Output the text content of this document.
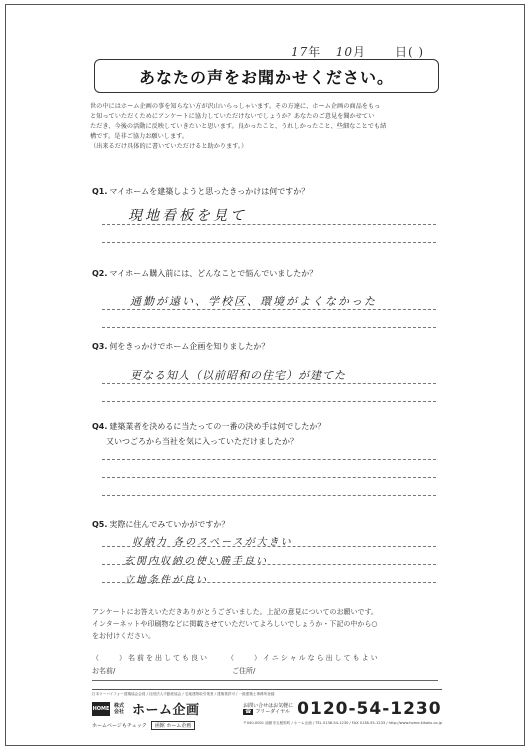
17年 10月 日( )
あなたの声をお聞かせください。

世の中にはホーム企画の事を知らない方が沢山いらっしゃいます。その方達に、ホーム企画の商品をもっ

と知っていただくためにアンケートに協力していただけないでしょうか？あなたのご意見を聞かせてい

ただき、今後の活動に反映していきたいと思います。良かったこと、うれしかったこと、些細なことでも結

構です。是非ご協力お願いします。

（出来るだけ具体的に書いていただけると助かります。）

Q1. マイホームを建築しようと思ったきっかけは何ですか？
現地看板を見て
Q2. マイホーム購入前には、どんなことで悩んでいましたか？
通勤が遠い、学校区、環境がよくなかった
Q3. 何をきっかけでホーム企画を知りましたか？
更なる知人（以前昭和の住宅）が建てた
Q4. 建築業者を決めるに当たっての一番の決め手は何でしたか？
又いつごろから当社を気に入っていただけましたか？
Q5. 実際に住んでみていかがですか？
収納力 各のスペースが大きい
玄関内収納の使い勝手良い
立地条件が良い

アンケートにお答えいただきありがとうございました。上記の意見についてのお願いです。

インターネットや印刷物などに掲載させていただいてよろしいでしょうか・下記の中から○

をお付けください。

（　　）名前を出しても良い	（　　）イニシャルなら出してもよい
お名前/	ご住所/
日本ツーバイフォー建築協会会員 / 社団法人不動産協会 / 宅地建物取引業者 / 建築業許可 / 一級建築士事務所登録
HOME 株式会社 ホーム企画
ホームページもチェック	函館 ホーム企画
お問い合せはお気軽に
☎ フリーダイヤル 0120-54-1230
〒040-0001 函館市五稜郭町 / ホーム企画 / TEL 0138-54-1230 / FAX 0138-55-1233 / http://www.home-kikaku.co.jp
